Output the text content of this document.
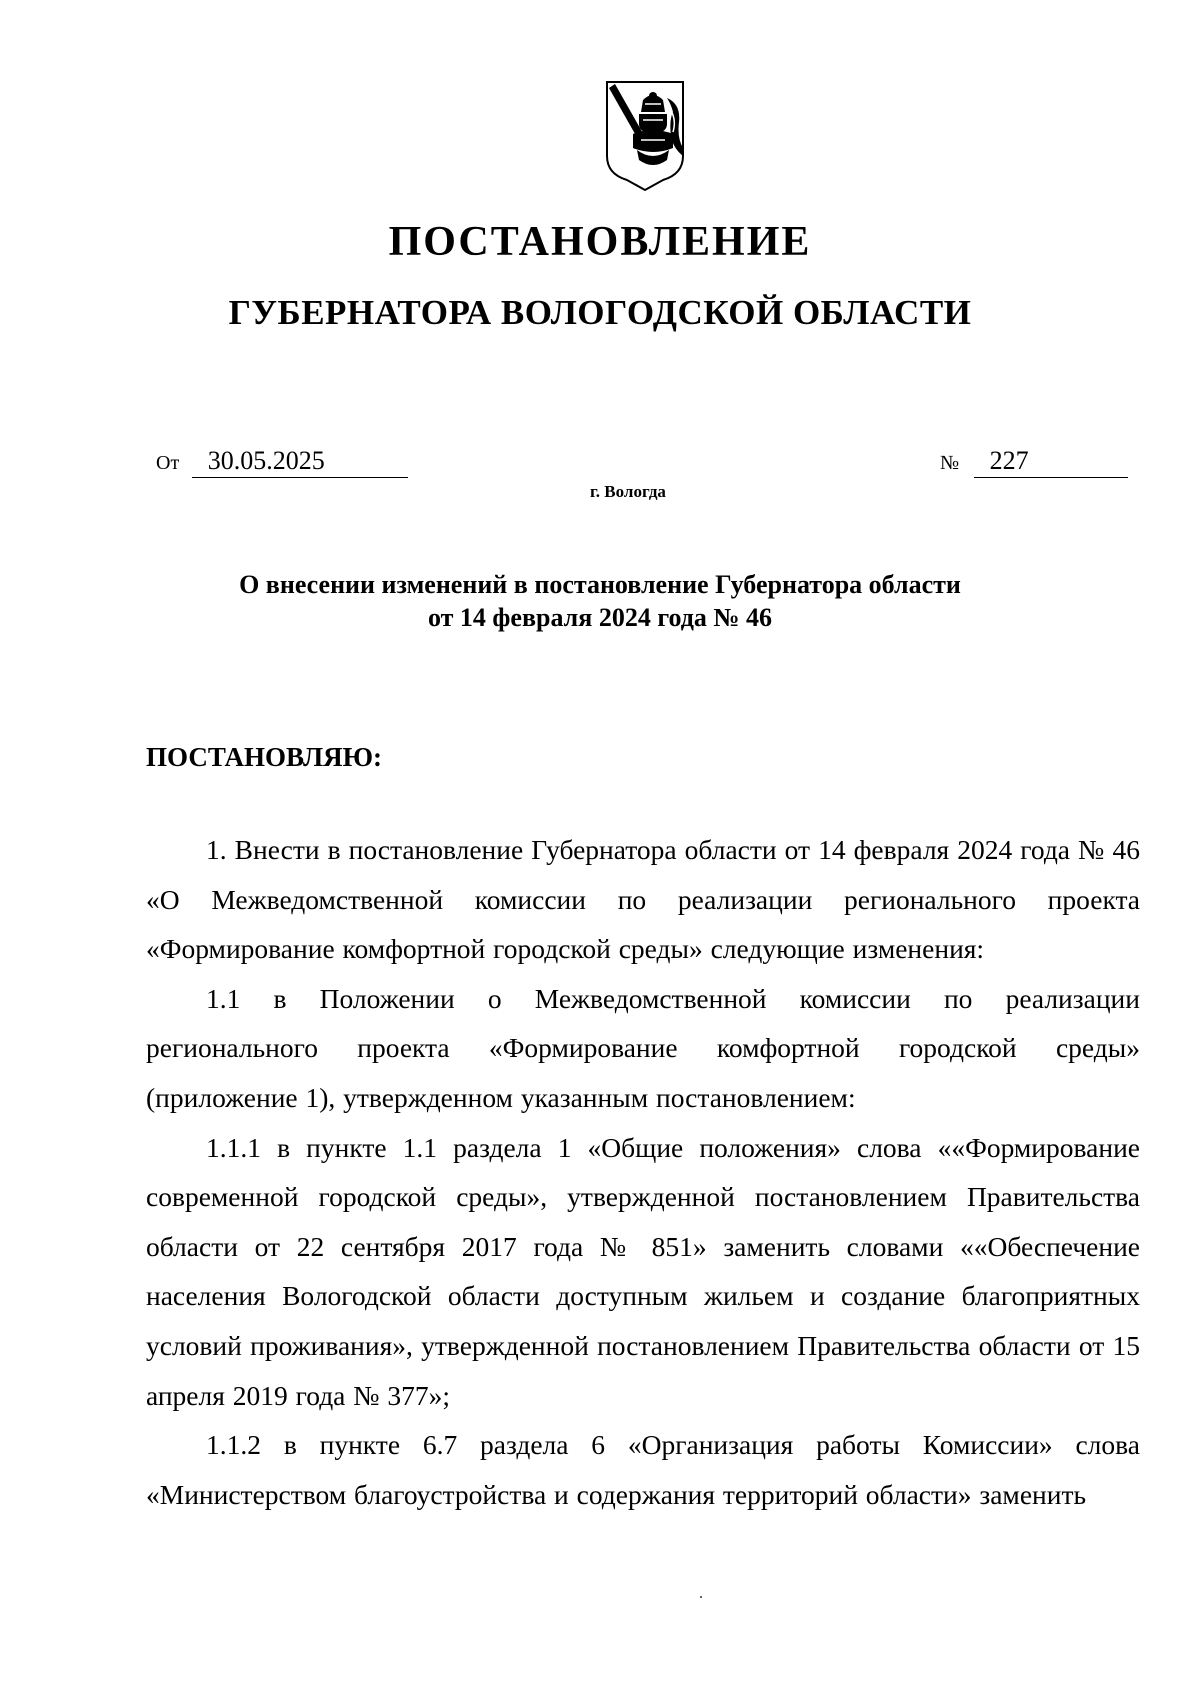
ПОСТАНОВЛЕНИЕ
ГУБЕРНАТОРА ВОЛОГОДСКОЙ ОБЛАСТИ
От 30.05.2025	№ 227
г. Вологда
О внесении изменений в постановление Губернатора области
от 14 февраля 2024 года № 46
ПОСТАНОВЛЯЮ:

1. Внести в постановление Губернатора области от 14 февраля 2024 года № 46 «О Межведомственной комиссии по реализации регионального проекта «Формирование комфортной городской среды» следующие изменения:

1.1 в Положении о Межведомственной комиссии по реализации регионального проекта «Формирование комфортной городской среды» (приложение 1), утвержденном указанным постановлением:

1.1.1 в пункте 1.1 раздела 1 «Общие положения» слова ««Формирование современной городской среды», утвержденной постановлением Правительства области от 22 сентября 2017 года № 851» заменить словами ««Обеспечение населения Вологодской области доступным жильем и создание благоприятных условий проживания», утвержденной постановлением Правительства области от 15 апреля 2019 года № 377»;

1.1.2 в пункте 6.7 раздела 6 «Организация работы Комиссии» слова «Министерством благоустройства и содержания территорий области» заменить
